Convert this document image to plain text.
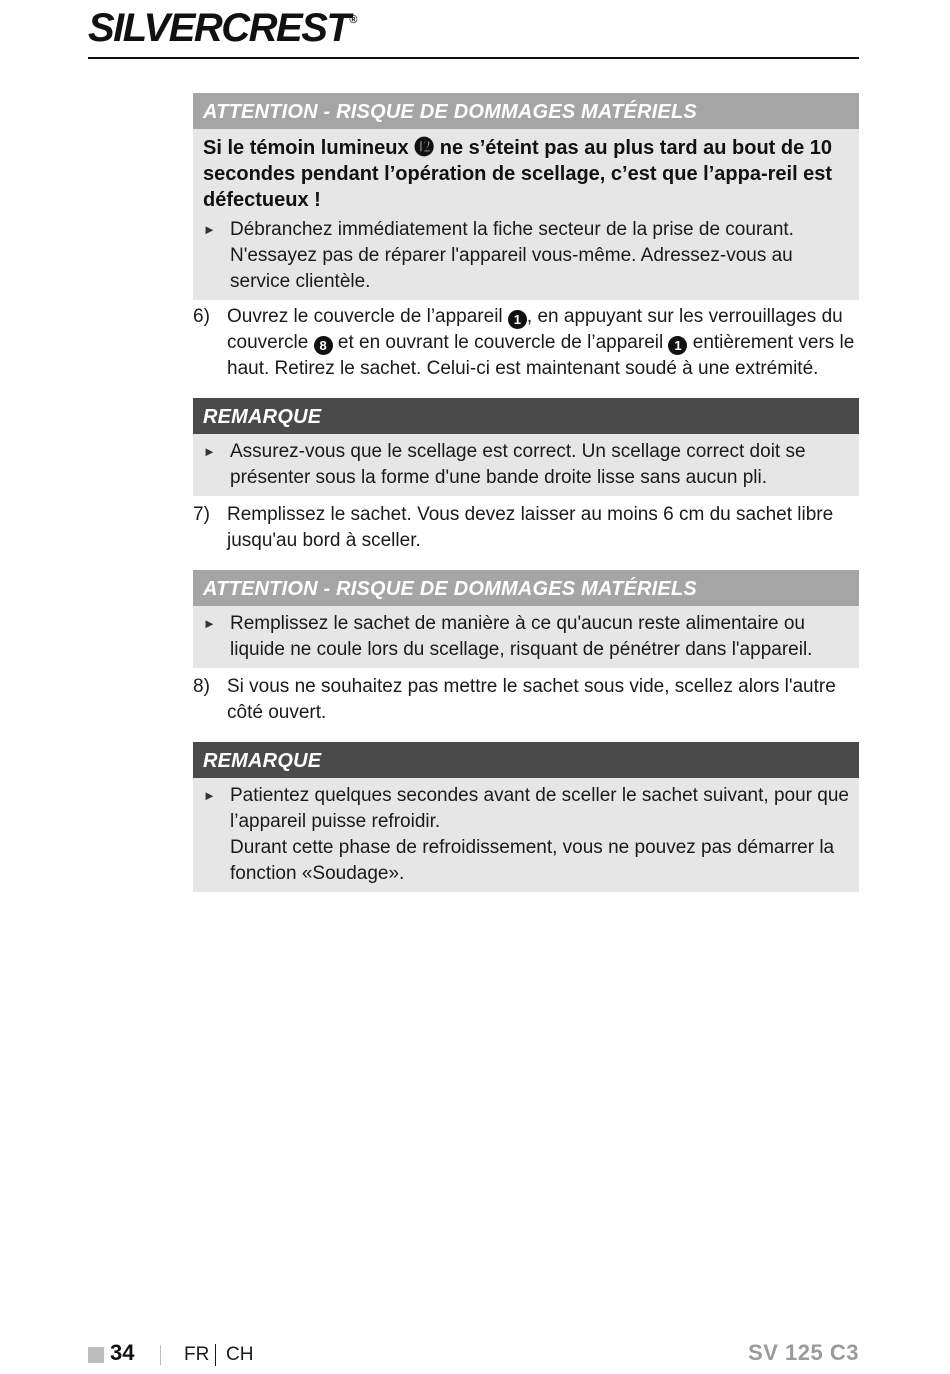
SILVERCREST®
ATTENTION - RISQUE DE DOMMAGES MATÉRIELS
Si le témoin lumineux ⓬ ne s’éteint pas au plus tard au bout de 10 secondes pendant l’opération de scellage, c’est que l’appa-reil est défectueux !
► Débranchez immédiatement la fiche secteur de la prise de courant. N'essayez pas de réparer l'appareil vous-même. Adressez-vous au service clientèle.
6) Ouvrez le couvercle de l’appareil 1 , en appuyant sur les verrouillages du couvercle 8 et en ouvrant le couvercle de l’appareil 1 entièrement vers le haut. Retirez le sachet. Celui-ci est maintenant soudé à une extrémité.
REMARQUE
► Assurez-vous que le scellage est correct. Un scellage correct doit se présenter sous la forme d'une bande droite lisse sans aucun pli.
7) Remplissez le sachet. Vous devez laisser au moins 6 cm du sachet libre jusqu'au bord à sceller.
ATTENTION - RISQUE DE DOMMAGES MATÉRIELS
► Remplissez le sachet de manière à ce qu'aucun reste alimentaire ou liquide ne coule lors du scellage, risquant de pénétrer dans l'appareil.
8) Si vous ne souhaitez pas mettre le sachet sous vide, scellez alors l'autre côté ouvert.
REMARQUE
► Patientez quelques secondes avant de sceller le sachet suivant, pour que l’appareil puisse refroidir.
Durant cette phase de refroidissement, vous ne pouvez pas démarrer la fonction «Soudage».
34	FR CH	SV 125 C3
